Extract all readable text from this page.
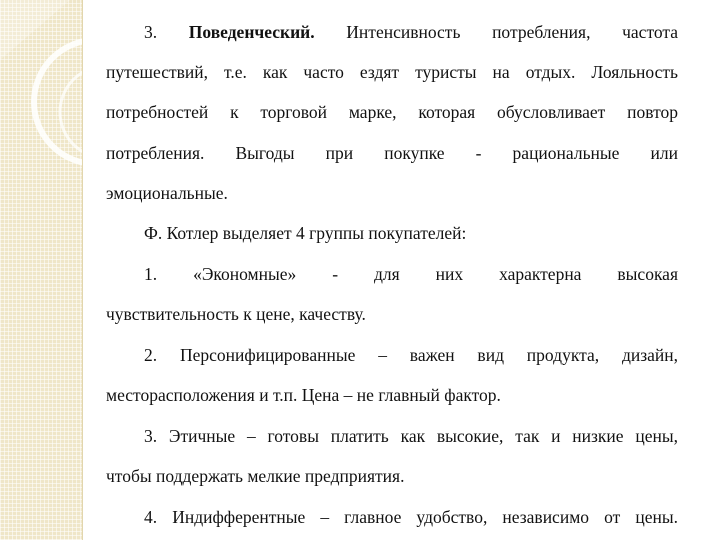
3. Поведенческий. Интенсивность потребления, частота
путешествий, т.е. как часто ездят туристы на отдых. Лояльность
потребностей к торговой марке, которая обусловливает повтор
потребления. Выгоды при покупке - рациональные или
эмоциональные.
Ф. Котлер выделяет 4 группы покупателей:
1. «Экономные» - для них характерна высокая
чувствительность к цене, качеству.
2. Персонифицированные – важен вид продукта, дизайн,
месторасположения и т.п. Цена – не главный фактор.
3. Этичные – готовы платить как высокие, так и низкие цены,
чтобы поддержать мелкие предприятия.
4. Индифферентные – главное удобство, независимо от цены.
